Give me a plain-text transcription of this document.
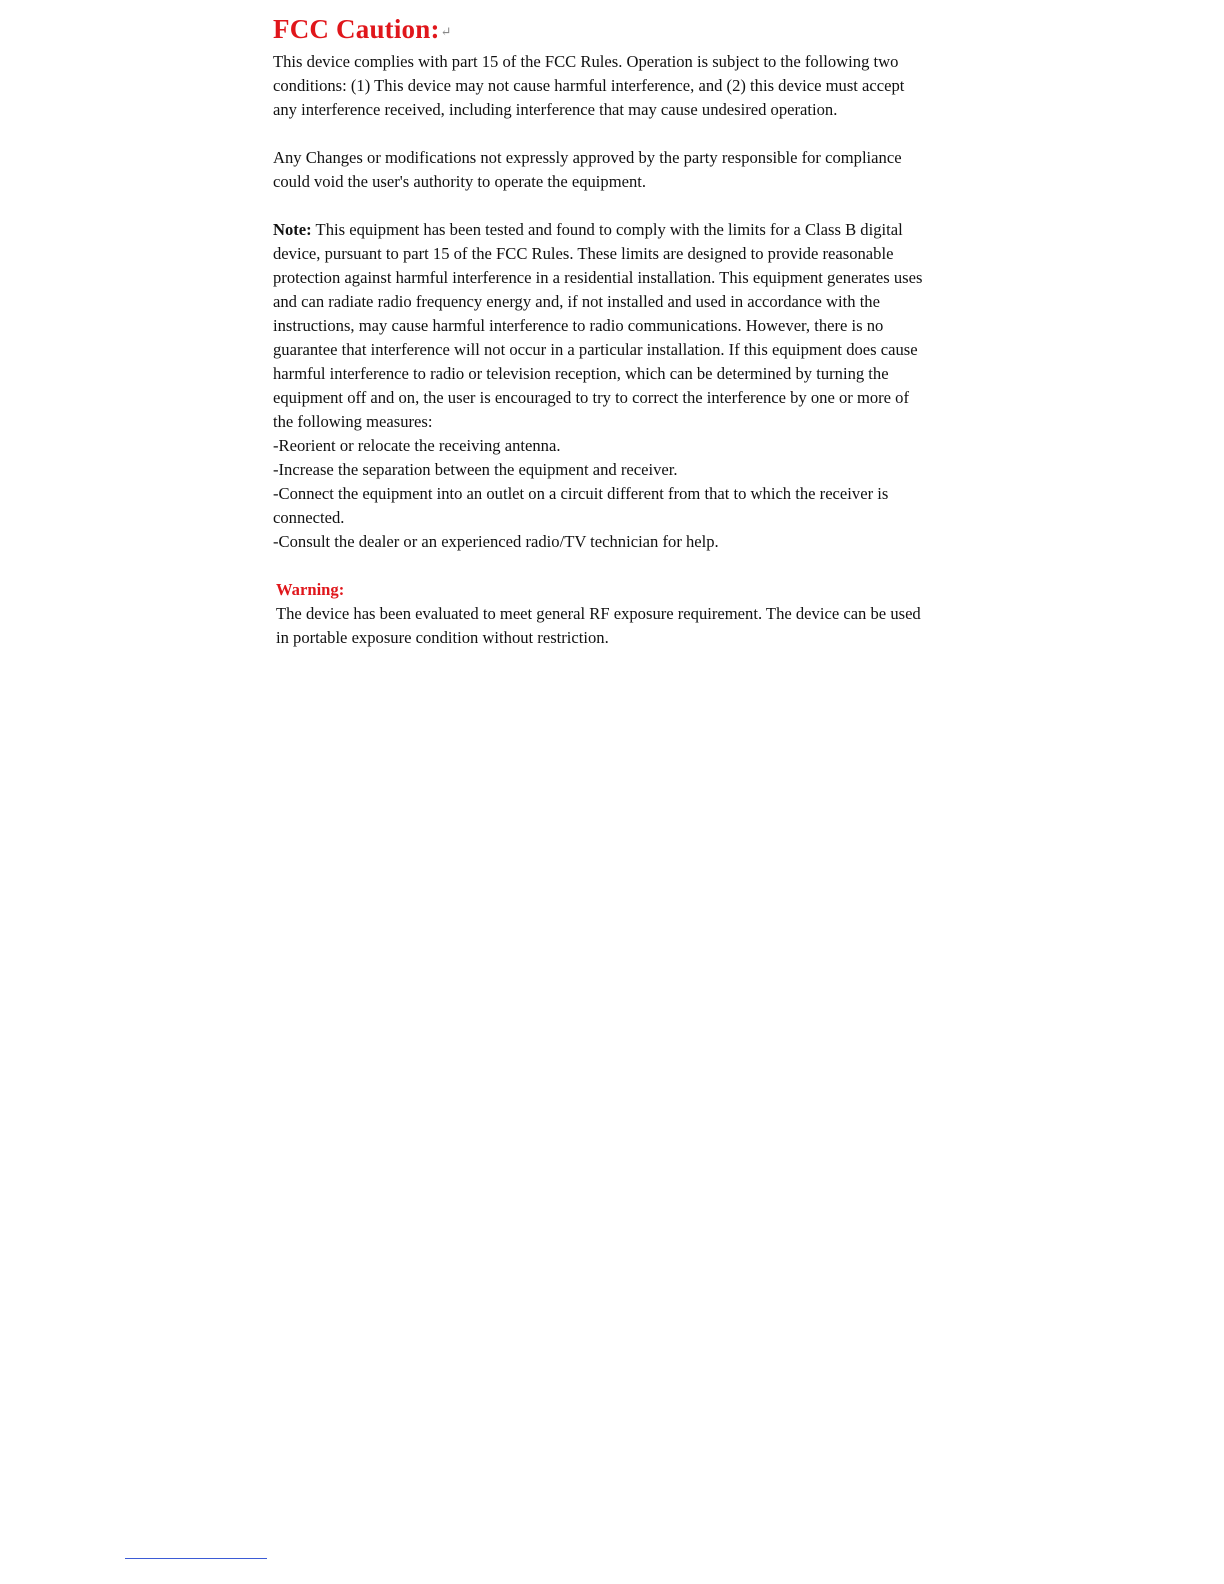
FCC Caution:↵

This device complies with part 15 of the FCC Rules. Operation is subject to the following two conditions: (1) This device may not cause harmful interference, and (2) this device must accept any interference received, including interference that may cause undesired operation.

Any Changes or modifications not expressly approved by the party responsible for compliance could void the user's authority to operate the equipment.

Note: This equipment has been tested and found to comply with the limits for a Class B digital device, pursuant to part 15 of the FCC Rules. These limits are designed to provide reasonable protection against harmful interference in a residential installation. This equipment generates uses and can radiate radio frequency energy and, if not installed and used in accordance with the instructions, may cause harmful interference to radio communications. However, there is no guarantee that interference will not occur in a particular installation. If this equipment does cause harmful interference to radio or television reception, which can be determined by turning the equipment off and on, the user is encouraged to try to correct the interference by one or more of the following measures:

-Reorient or relocate the receiving antenna.
-Increase the separation between the equipment and receiver.
-Connect the equipment into an outlet on a circuit different from that to which the receiver is connected.
-Consult the dealer or an experienced radio/TV technician for help.
Warning:

The device has been evaluated to meet general RF exposure requirement. The device can be used in portable exposure condition without restriction.
